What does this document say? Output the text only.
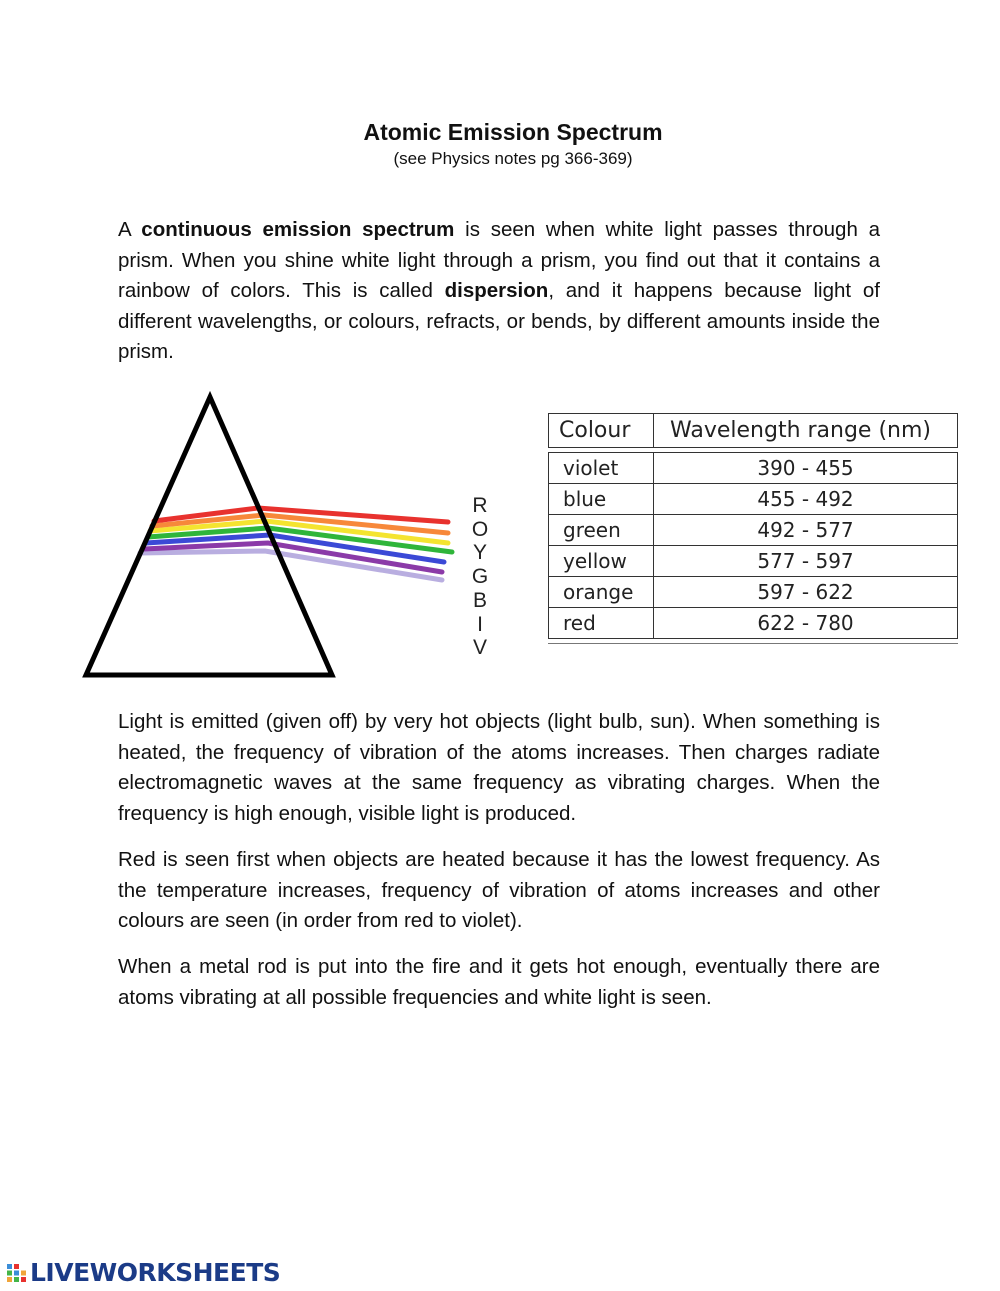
Atomic Emission Spectrum
(see Physics notes pg 366-369)

A continuous emission spectrum is seen when white light passes through a prism. When you shine white light through a prism, you find out that it contains a rainbow of colors. This is called dispersion, and it happens because light of different wavelengths, or colours, refracts, or bends, by different amounts inside the prism.

R
O
Y
G
B
I
V
Colour	Wavelength range (nm)

violet	390 - 455
blue	455 - 492
green	492 - 577
yellow	577 - 597
orange	597 - 622
red	622 - 780

Light is emitted (given off) by very hot objects (light bulb, sun). When something is heated, the frequency of vibration of the atoms increases. Then charges radiate electromagnetic waves at the same frequency as vibrating charges. When the frequency is high enough, visible light is produced.

Red is seen first when objects are heated because it has the lowest frequency. As the temperature increases, frequency of vibration of atoms increases and other colours are seen (in order from red to violet).

When a metal rod is put into the fire and it gets hot enough, eventually there are atoms vibrating at all possible frequencies and white light is seen.

LIVEWORKSHEETS
